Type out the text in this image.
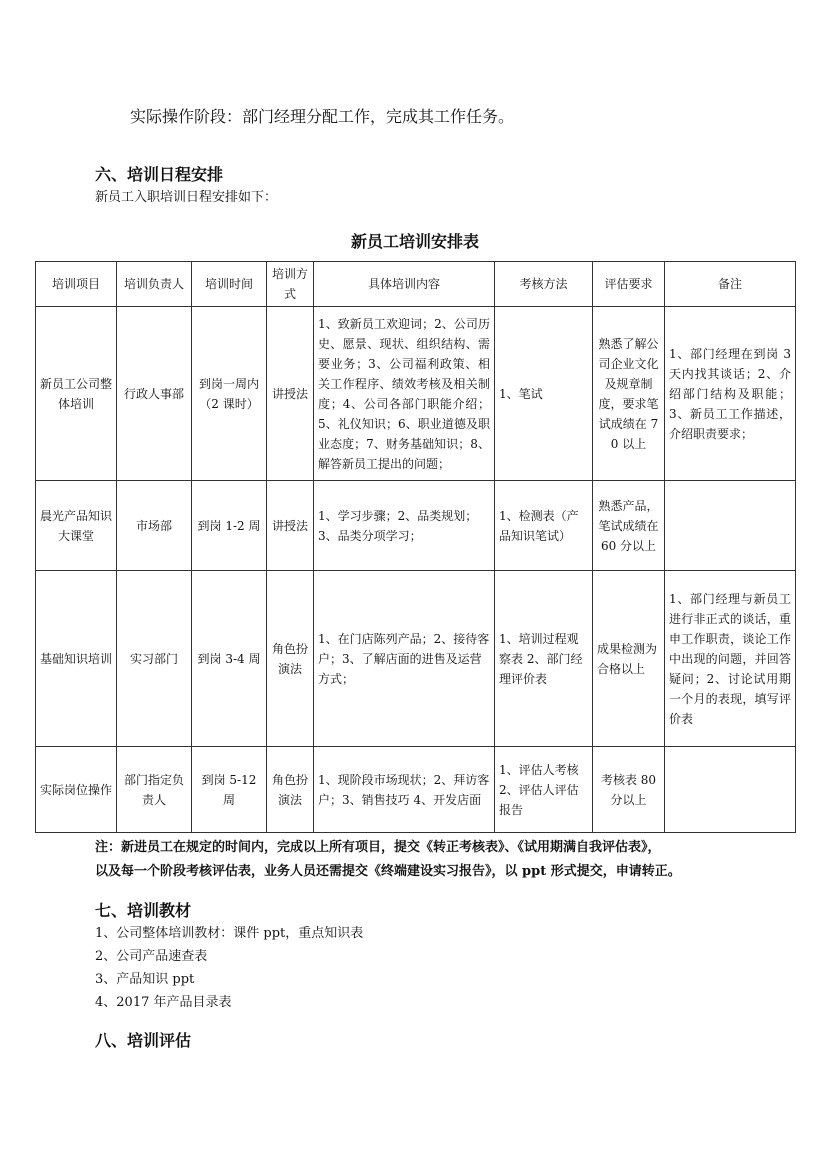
实际操作阶段：部门经理分配工作，完成其工作任务。
六、培训日程安排
新员工入职培训日程安排如下：
新员工培训安排表
培训项目	培训负责人	培训时间	培训方式	具体培训内容	考核方法	评估要求	备注
新员工公司整体培训	行政人事部	到岗一周内（2 课时）	讲授法	1、致新员工欢迎词；2、公司历史、愿景、现状、组织结构、需要业务；3、公司福利政策、相关工作程序、绩效考核及相关制度；4、公司各部门职能介绍；5、礼仪知识；6、职业道德及职业态度；7、财务基础知识；8、解答新员工提出的问题；	1、笔试	熟悉了解公司企业文化及规章制度，要求笔试成绩在 70 以上	1、部门经理在到岗 3 天内找其谈话；2、介绍部门结构及职能；3、新员工工作描述，介绍职责要求；
晨光产品知识大课堂	市场部	到岗 1-2 周	讲授法	1、学习步骤；2、品类规划；3、品类分项学习；	1、检测表（产品知识笔试）	熟悉产品，笔试成绩在 60 分以上	
基础知识培训	实习部门	到岗 3-4 周	角色扮演法	1、在门店陈列产品；2、接待客户；3、了解店面的进售及运营方式；	1、培训过程观察表 2、部门经理评价表	成果检测为合格以上	1、部门经理与新员工进行非正式的谈话，重申工作职责，谈论工作中出现的问题，并回答疑问；2、讨论试用期一个月的表现，填写评价表
实际岗位操作	部门指定负责人	到岗 5-12 周	角色扮演法	1、现阶段市场现状；2、拜访客户；3、销售技巧 4、开发店面	1、评估人考核 2、评估人评估报告	考核表 80 分以上	
注：新进员工在规定的时间内，完成以上所有项目，提交《转正考核表》、《试用期满自我评估表》，
以及每一个阶段考核评估表，业务人员还需提交《终端建设实习报告》，以 ppt 形式提交，申请转正。
七、培训教材
1、公司整体培训教材：课件 ppt，重点知识表
2、公司产品速查表
3、产品知识 ppt
4、2017 年产品目录表
八、培训评估
